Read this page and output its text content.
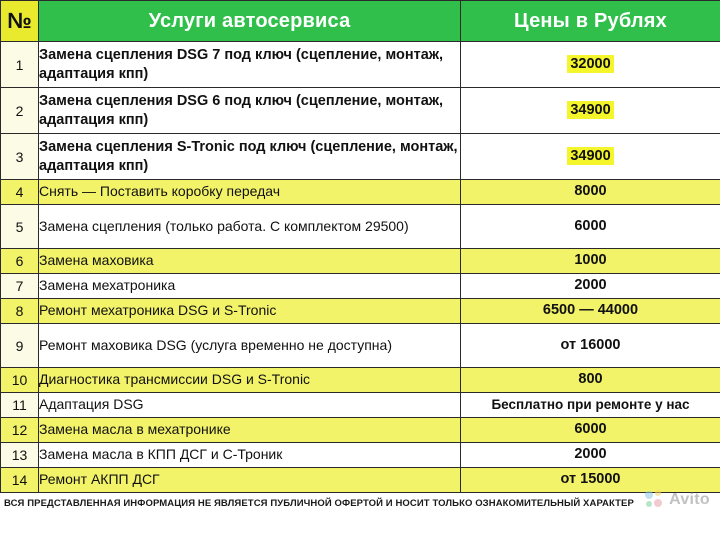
№	Услуги автосервиса	Цены в Рублях
1	Замена сцепления DSG 7 под ключ (сцепление, монтаж, адаптация кпп)	32000
2	Замена сцепления DSG 6 под ключ (сцепление, монтаж, адаптация кпп)	34900
3	Замена сцепления S-Tronic под ключ (сцепление, монтаж, адаптация кпп)	34900
4	Снять — Поставить коробку передач	8000
5	Замена сцепления (только работа. С комплектом 29500)	6000
6	Замена маховика	1000
7	Замена мехатроника	2000
8	Ремонт мехатроника DSG и S-Tronic	6500 — 44000
9	Ремонт маховика DSG (услуга временно не доступна)	от 16000
10	Диагностика трансмиссии DSG и S-Tronic	800
11	Адаптация DSG	Бесплатно при ремонте у нас
12	Замена масла в мехатронике	6000
13	Замена масла в КПП ДСГ и С-Троник	2000
14	Ремонт АКПП ДСГ	от 15000
ВСЯ ПРЕДСТАВЛЕННАЯ ИНФОРМАЦИЯ НЕ ЯВЛЯЕТСЯ ПУБЛИЧНОЙ ОФЕРТОЙ И НОСИТ ТОЛЬКО ОЗНАКОМИТЕЛЬНЫЙ ХАРАКТЕР	Avito
